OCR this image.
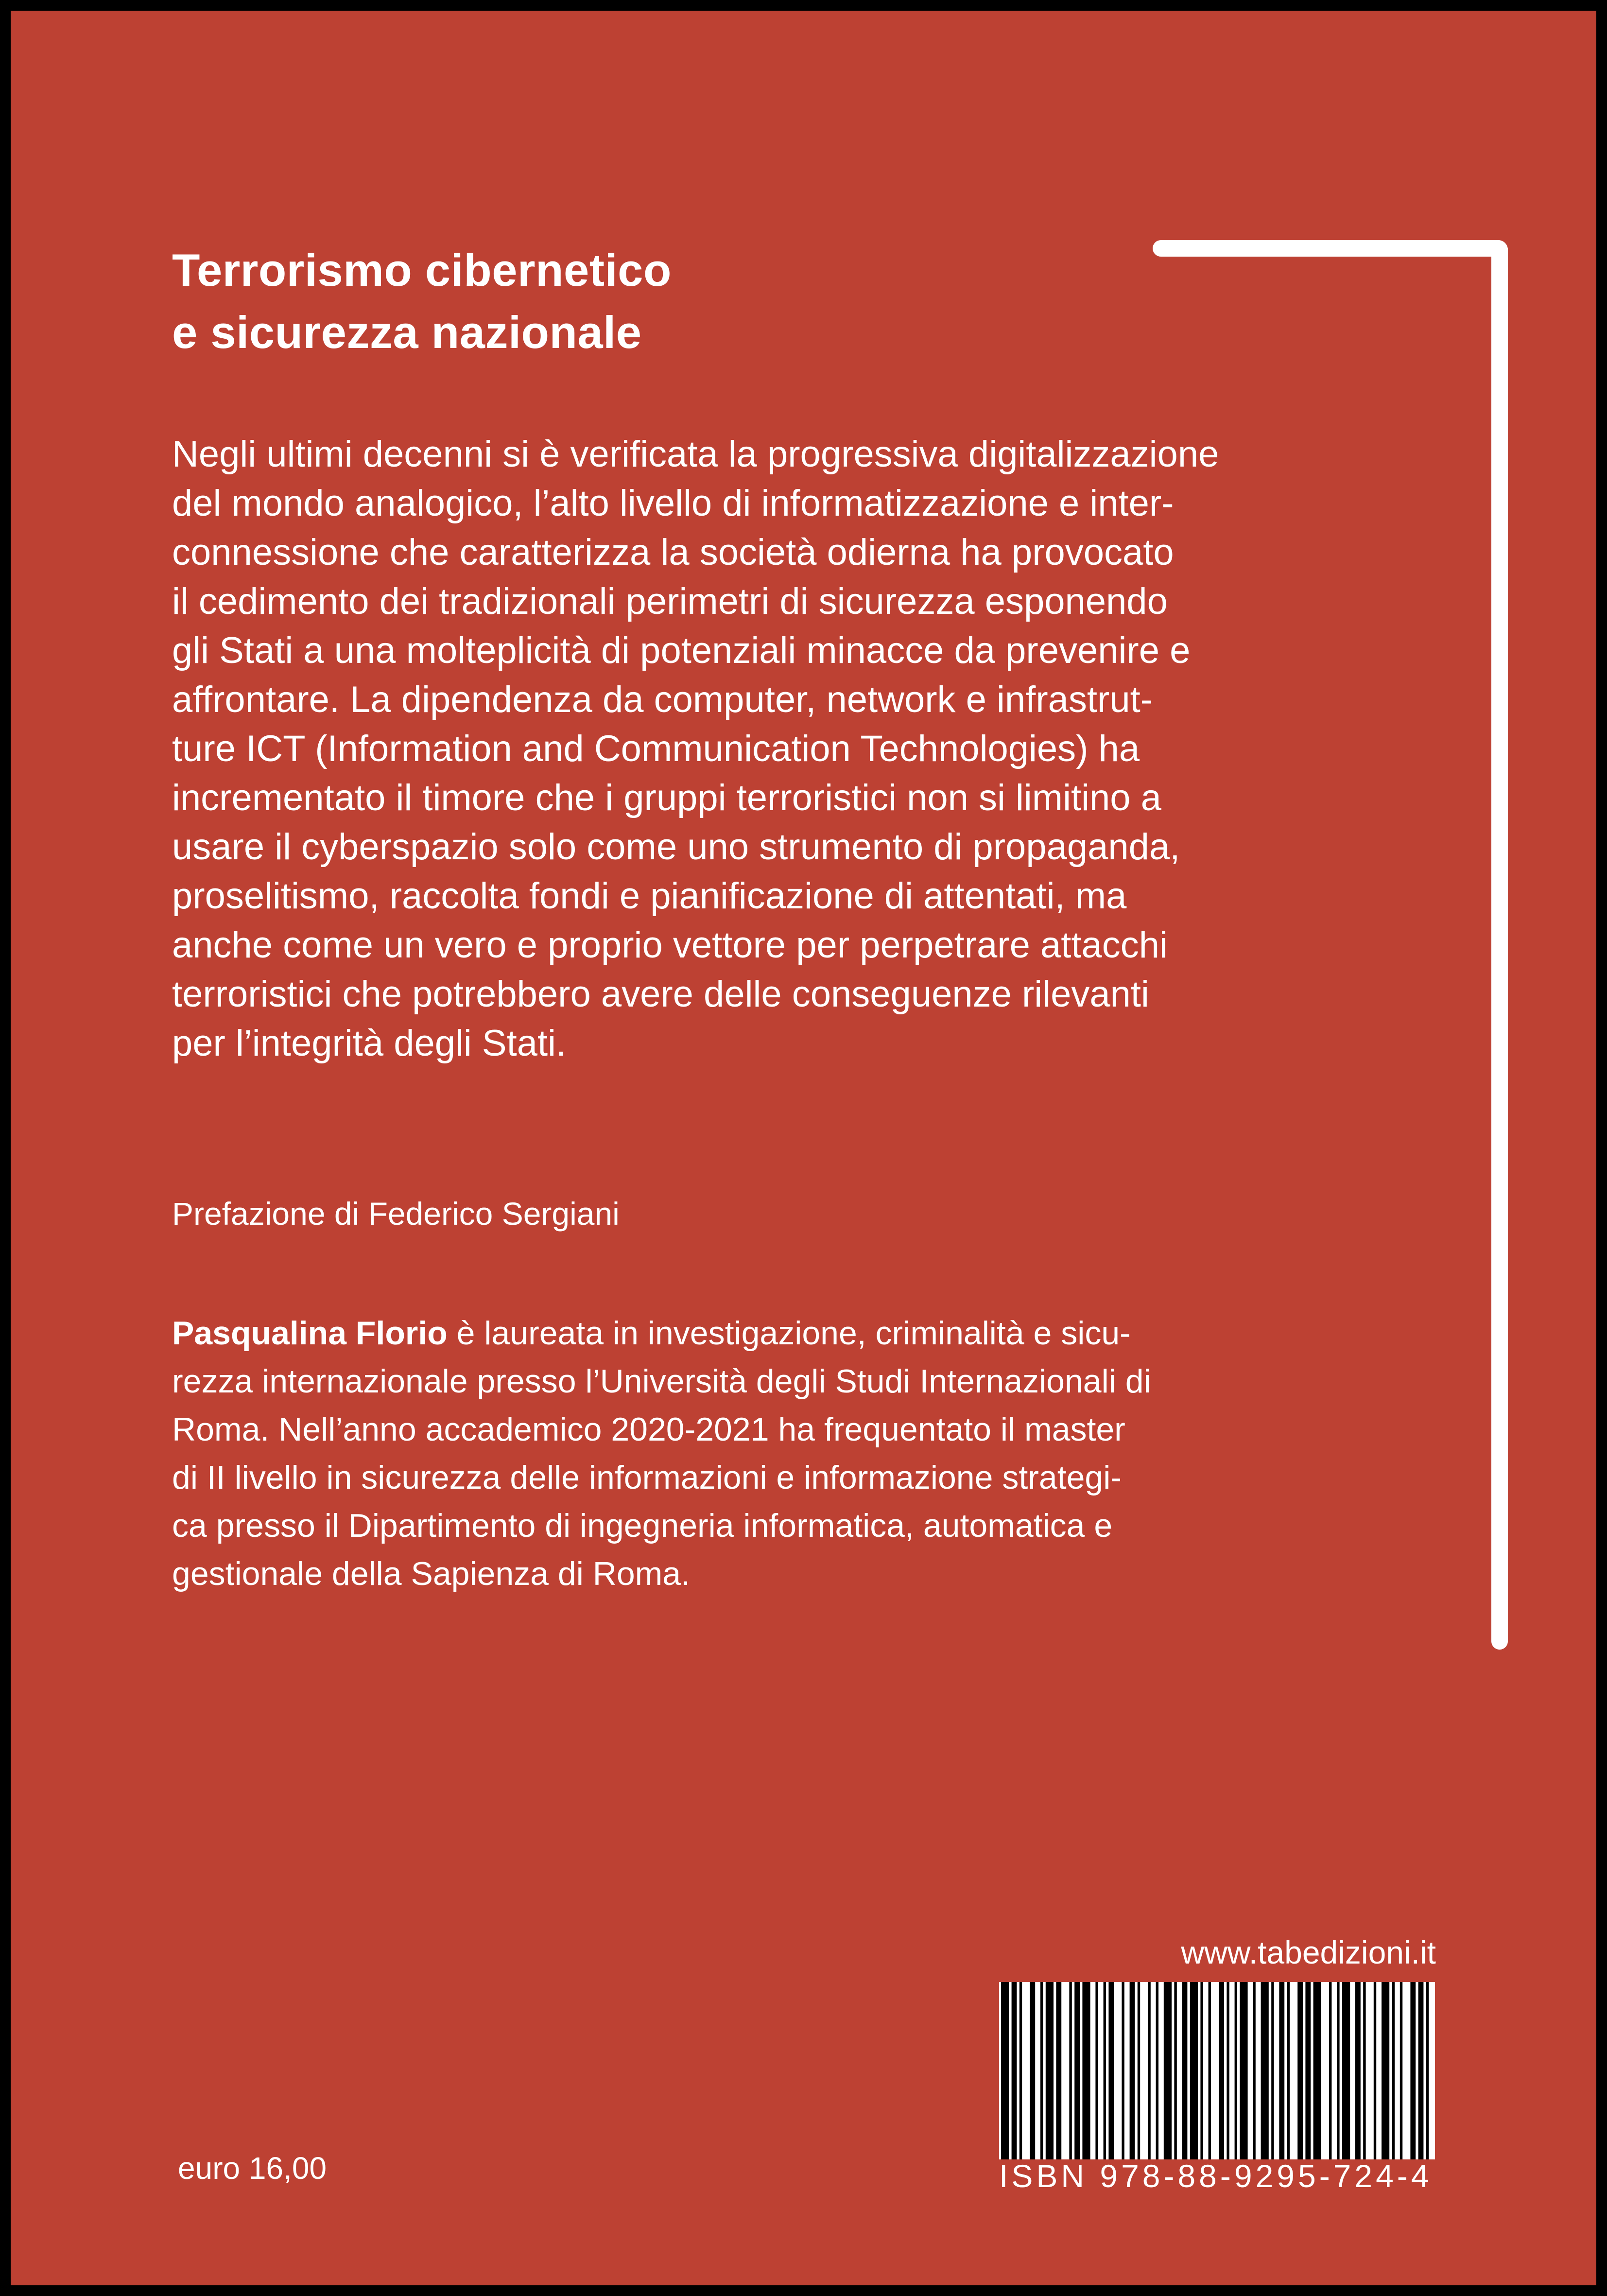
Terrorismo cibernetico
e sicurezza nazionale
Negli ultimi decenni si è verificata la progressiva digitalizzazione
del mondo analogico, l’alto livello di informatizzazione e inter-
connessione che caratterizza la società odierna ha provocato
il cedimento dei tradizionali perimetri di sicurezza esponendo
gli Stati a una molteplicità di potenziali minacce da prevenire e
affrontare. La dipendenza da computer, network e infrastrut-
ture ICT (Information and Communication Technologies) ha
incrementato il timore che i gruppi terroristici non si limitino a
usare il cyberspazio solo come uno strumento di propaganda,
proselitismo, raccolta fondi e pianificazione di attentati, ma
anche come un vero e proprio vettore per perpetrare attacchi
terroristici che potrebbero avere delle conseguenze rilevanti
per l’integrità degli Stati.

Prefazione di Federico Sergiani

Pasqualina Florio è laureata in investigazione, criminalità e sicu-
rezza internazionale presso l’Università degli Studi Internazionali di
Roma. Nell’anno accademico 2020-2021 ha frequentato il master
di II livello in sicurezza delle informazioni e informazione strategi-
ca presso il Dipartimento di ingegneria informatica, automatica e
gestionale della Sapienza di Roma.
www.tabedizioni.it
ISBN 978-88-9295-724-4
euro 16,00
